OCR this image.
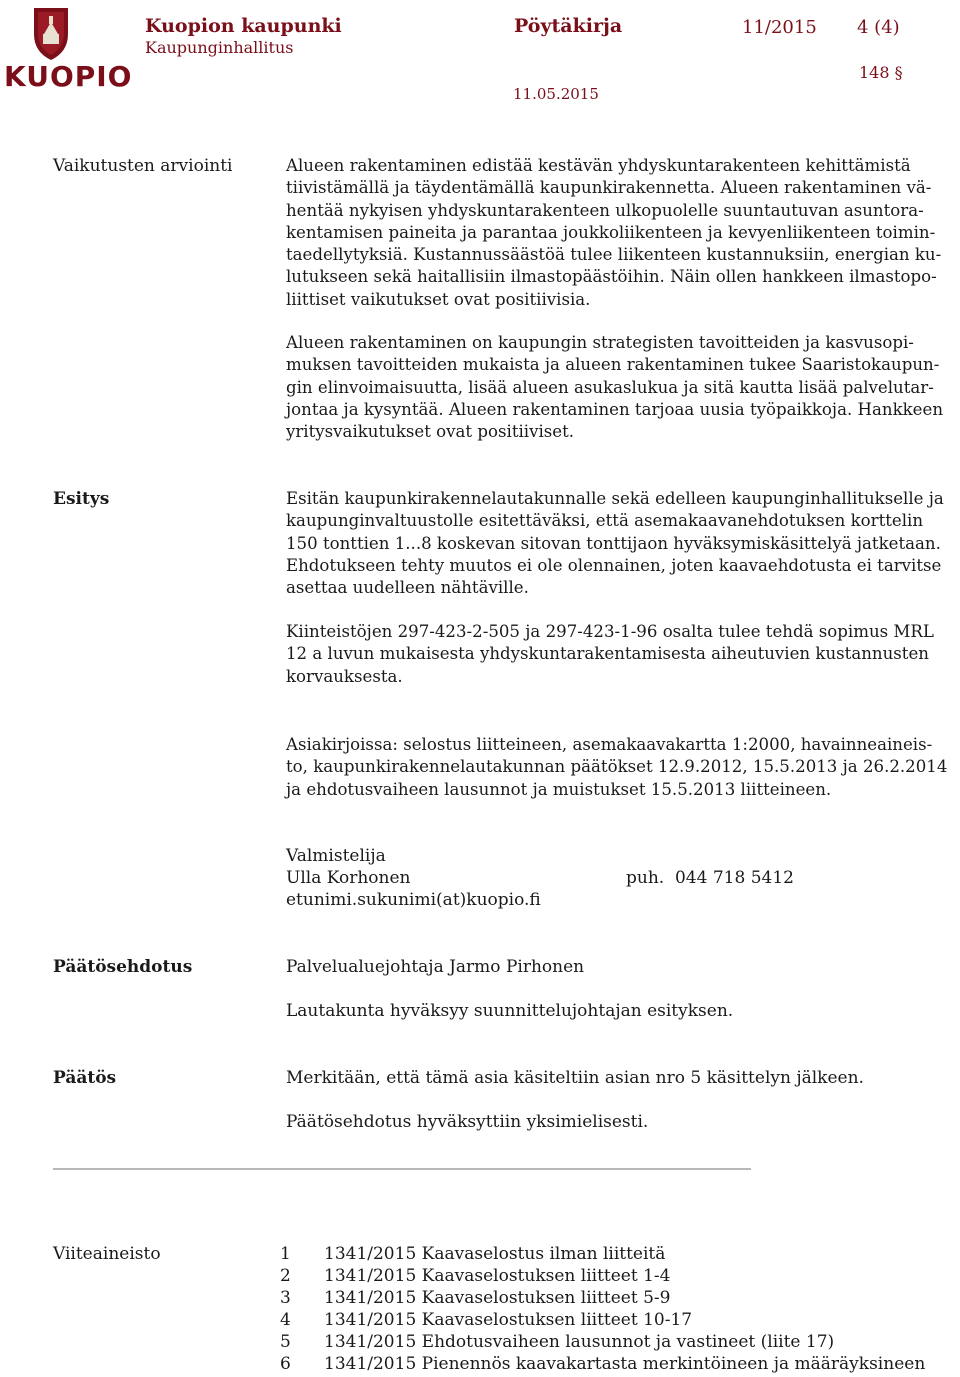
KUOPIO
Kuopion kaupunki
Kaupunginhallitus
Pöytäkirja	11/2015 4 (4)
148 §
11.05.2015
Vaikutusten arviointi	Alueen rakentaminen edistää kestävän yhdyskuntarakenteen kehittämistä
tiivistämällä ja täydentämällä kaupunkirakennetta. Alueen rakentaminen vä-
hentää nykyisen yhdyskuntarakenteen ulkopuolelle suuntautuvan asuntora-
kentamisen paineita ja parantaa joukkoliikenteen ja kevyenliikenteen toimin-
taedellytyksiä. Kustannussäästöä tulee liikenteen kustannuksiin, energian ku-
lutukseen sekä haitallisiin ilmastopäästöihin. Näin ollen hankkeen ilmastopo-
liittiset vaikutukset ovat positiivisia.
Alueen rakentaminen on kaupungin strategisten tavoitteiden ja kasvusopi-
muksen tavoitteiden mukaista ja alueen rakentaminen tukee Saaristokaupun-
gin elinvoimaisuutta, lisää alueen asukaslukua ja sitä kautta lisää palvelutar-
jontaa ja kysyntää. Alueen rakentaminen tarjoaa uusia työpaikkoja. Hankkeen
yritysvaikutukset ovat positiiviset.
Esitys	Esitän kaupunkirakennelautakunnalle sekä edelleen kaupunginhallitukselle ja
kaupunginvaltuustolle esitettäväksi, että asemakaavanehdotuksen korttelin
150 tonttien 1...8 koskevan sitovan tonttijaon hyväksymiskäsittelyä jatketaan.
Ehdotukseen tehty muutos ei ole olennainen, joten kaavaehdotusta ei tarvitse
asettaa uudelleen nähtäville.
Kiinteistöjen 297-423-2-505 ja 297-423-1-96 osalta tulee tehdä sopimus MRL
12 a luvun mukaisesta yhdyskuntarakentamisesta aiheutuvien kustannusten
korvauksesta.
Asiakirjoissa: selostus liitteineen, asemakaavakartta 1:2000, havainneaineis-
to, kaupunkirakennelautakunnan päätökset 12.9.2012, 15.5.2013 ja 26.2.2014
ja ehdotusvaiheen lausunnot ja muistukset 15.5.2013 liitteineen.
Valmistelija
Ulla Korhonen	puh.  044 718 5412
etunimi.sukunimi(at)kuopio.fi
Päätösehdotus	Palvelualuejohtaja Jarmo Pirhonen
Lautakunta hyväksyy suunnittelujohtajan esityksen.
Päätös	Merkitään, että tämä asia käsiteltiin asian nro 5 käsittelyn jälkeen.
Päätösehdotus hyväksyttiin yksimielisesti.
Viiteaineisto	1	1341/2015 Kaavaselostus ilman liitteitä
2	1341/2015 Kaavaselostuksen liitteet 1-4
3	1341/2015 Kaavaselostuksen liitteet 5-9
4	1341/2015 Kaavaselostuksen liitteet 10-17
5	1341/2015 Ehdotusvaiheen lausunnot ja vastineet (liite 17)
6	1341/2015 Pienennös kaavakartasta merkintöineen ja määräyksineen
